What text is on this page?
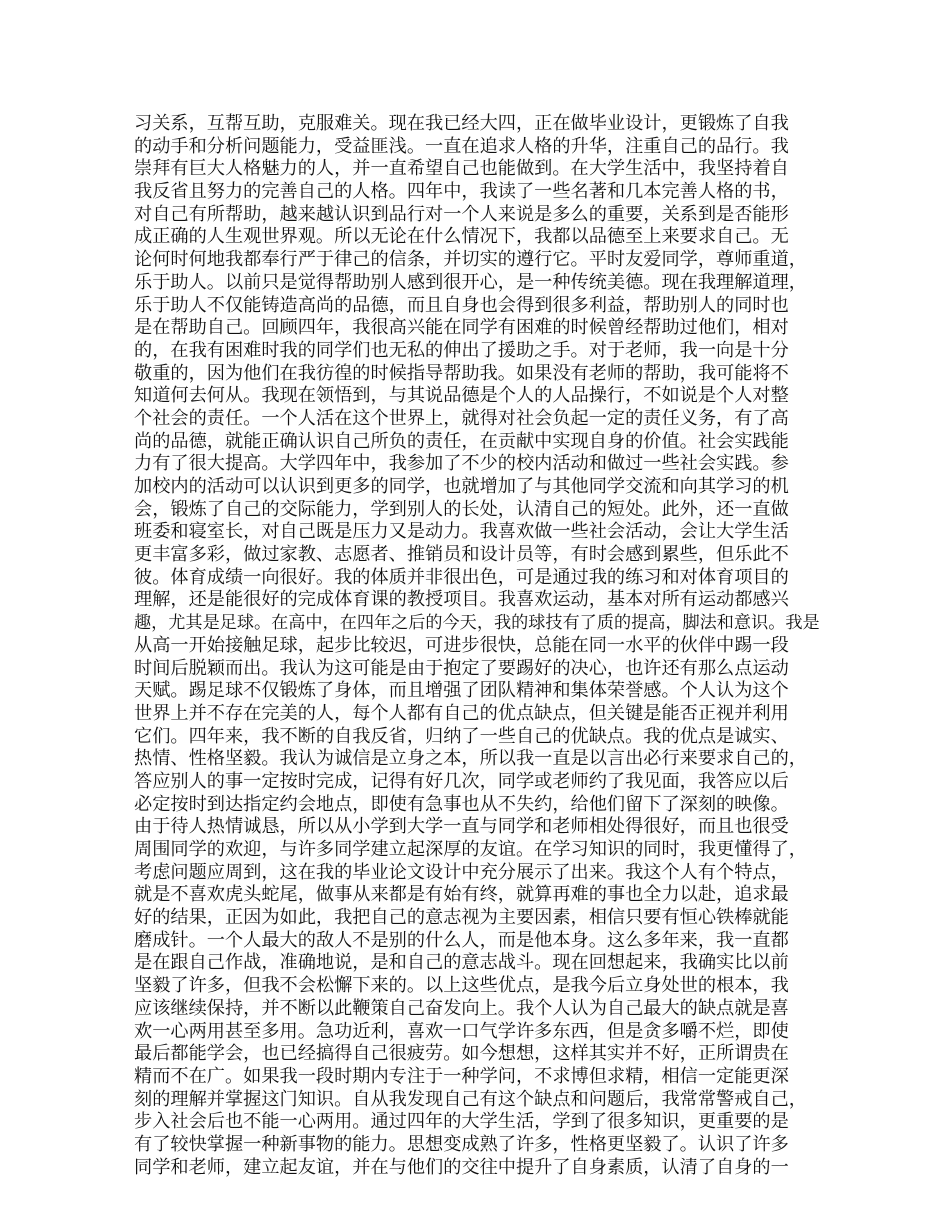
习关系，互帮互助，克服难关。现在我已经大四，正在做毕业设计，更锻炼了自我
的动手和分析问题能力，受益匪浅。一直在追求人格的升华，注重自己的品行。我
崇拜有巨大人格魅力的人，并一直希望自己也能做到。在大学生活中，我坚持着自
我反省且努力的完善自己的人格。四年中，我读了一些名著和几本完善人格的书，
对自己有所帮助，越来越认识到品行对一个人来说是多么的重要，关系到是否能形
成正确的人生观世界观。所以无论在什么情况下，我都以品德至上来要求自己。无
论何时何地我都奉行严于律己的信条，并切实的遵行它。平时友爱同学，尊师重道，
乐于助人。以前只是觉得帮助别人感到很开心，是一种传统美德。现在我理解道理，
乐于助人不仅能铸造高尚的品德，而且自身也会得到很多利益，帮助别人的同时也
是在帮助自己。回顾四年，我很高兴能在同学有困难的时候曾经帮助过他们，相对
的，在我有困难时我的同学们也无私的伸出了援助之手。对于老师，我一向是十分
敬重的，因为他们在我彷徨的时候指导帮助我。如果没有老师的帮助，我可能将不
知道何去何从。我现在领悟到，与其说品德是个人的人品操行，不如说是个人对整
个社会的责任。一个人活在这个世界上，就得对社会负起一定的责任义务，有了高
尚的品德，就能正确认识自己所负的责任，在贡献中实现自身的价值。社会实践能
力有了很大提高。大学四年中，我参加了不少的校内活动和做过一些社会实践。参
加校内的活动可以认识到更多的同学，也就增加了与其他同学交流和向其学习的机
会，锻炼了自己的交际能力，学到别人的长处，认清自己的短处。此外，还一直做
班委和寝室长，对自己既是压力又是动力。我喜欢做一些社会活动，会让大学生活
更丰富多彩，做过家教、志愿者、推销员和设计员等，有时会感到累些，但乐此不
彼。体育成绩一向很好。我的体质并非很出色，可是通过我的练习和对体育项目的
理解，还是能很好的完成体育课的教授项目。我喜欢运动，基本对所有运动都感兴
趣，尤其是足球。在高中，在四年之后的今天，我的球技有了质的提高，脚法和意识。我是
从高一开始接触足球，起步比较迟，可进步很快，总能在同一水平的伙伴中踢一段
时间后脱颖而出。我认为这可能是由于抱定了要踢好的决心，也许还有那么点运动
天赋。踢足球不仅锻炼了身体，而且增强了团队精神和集体荣誉感。个人认为这个
世界上并不存在完美的人，每个人都有自己的优点缺点，但关键是能否正视并利用
它们。四年来，我不断的自我反省，归纳了一些自己的优缺点。我的优点是诚实、
热情、性格坚毅。我认为诚信是立身之本，所以我一直是以言出必行来要求自己的，
答应别人的事一定按时完成，记得有好几次，同学或老师约了我见面，我答应以后
必定按时到达指定约会地点，即使有急事也从不失约，给他们留下了深刻的映像。
由于待人热情诚恳，所以从小学到大学一直与同学和老师相处得很好，而且也很受
周围同学的欢迎，与许多同学建立起深厚的友谊。在学习知识的同时，我更懂得了，
考虑问题应周到，这在我的毕业论文设计中充分展示了出来。我这个人有个特点，
就是不喜欢虎头蛇尾，做事从来都是有始有终，就算再难的事也全力以赴，追求最
好的结果，正因为如此，我把自己的意志视为主要因素，相信只要有恒心铁棒就能
磨成针。一个人最大的敌人不是别的什么人，而是他本身。这么多年来，我一直都
是在跟自己作战，准确地说，是和自己的意志战斗。现在回想起来，我确实比以前
坚毅了许多，但我不会松懈下来的。以上这些优点，是我今后立身处世的根本，我
应该继续保持，并不断以此鞭策自己奋发向上。我个人认为自己最大的缺点就是喜
欢一心两用甚至多用。急功近利，喜欢一口气学许多东西，但是贪多嚼不烂，即使
最后都能学会，也已经搞得自己很疲劳。如今想想，这样其实并不好，正所谓贵在
精而不在广。如果我一段时期内专注于一种学问，不求博但求精，相信一定能更深
刻的理解并掌握这门知识。自从我发现自己有这个缺点和问题后，我常常警戒自己，
步入社会后也不能一心两用。通过四年的大学生活，学到了很多知识，更重要的是
有了较快掌握一种新事物的能力。思想变成熟了许多，性格更坚毅了。认识了许多
同学和老师，建立起友谊，并在与他们的交往中提升了自身素质，认清了自身的一
